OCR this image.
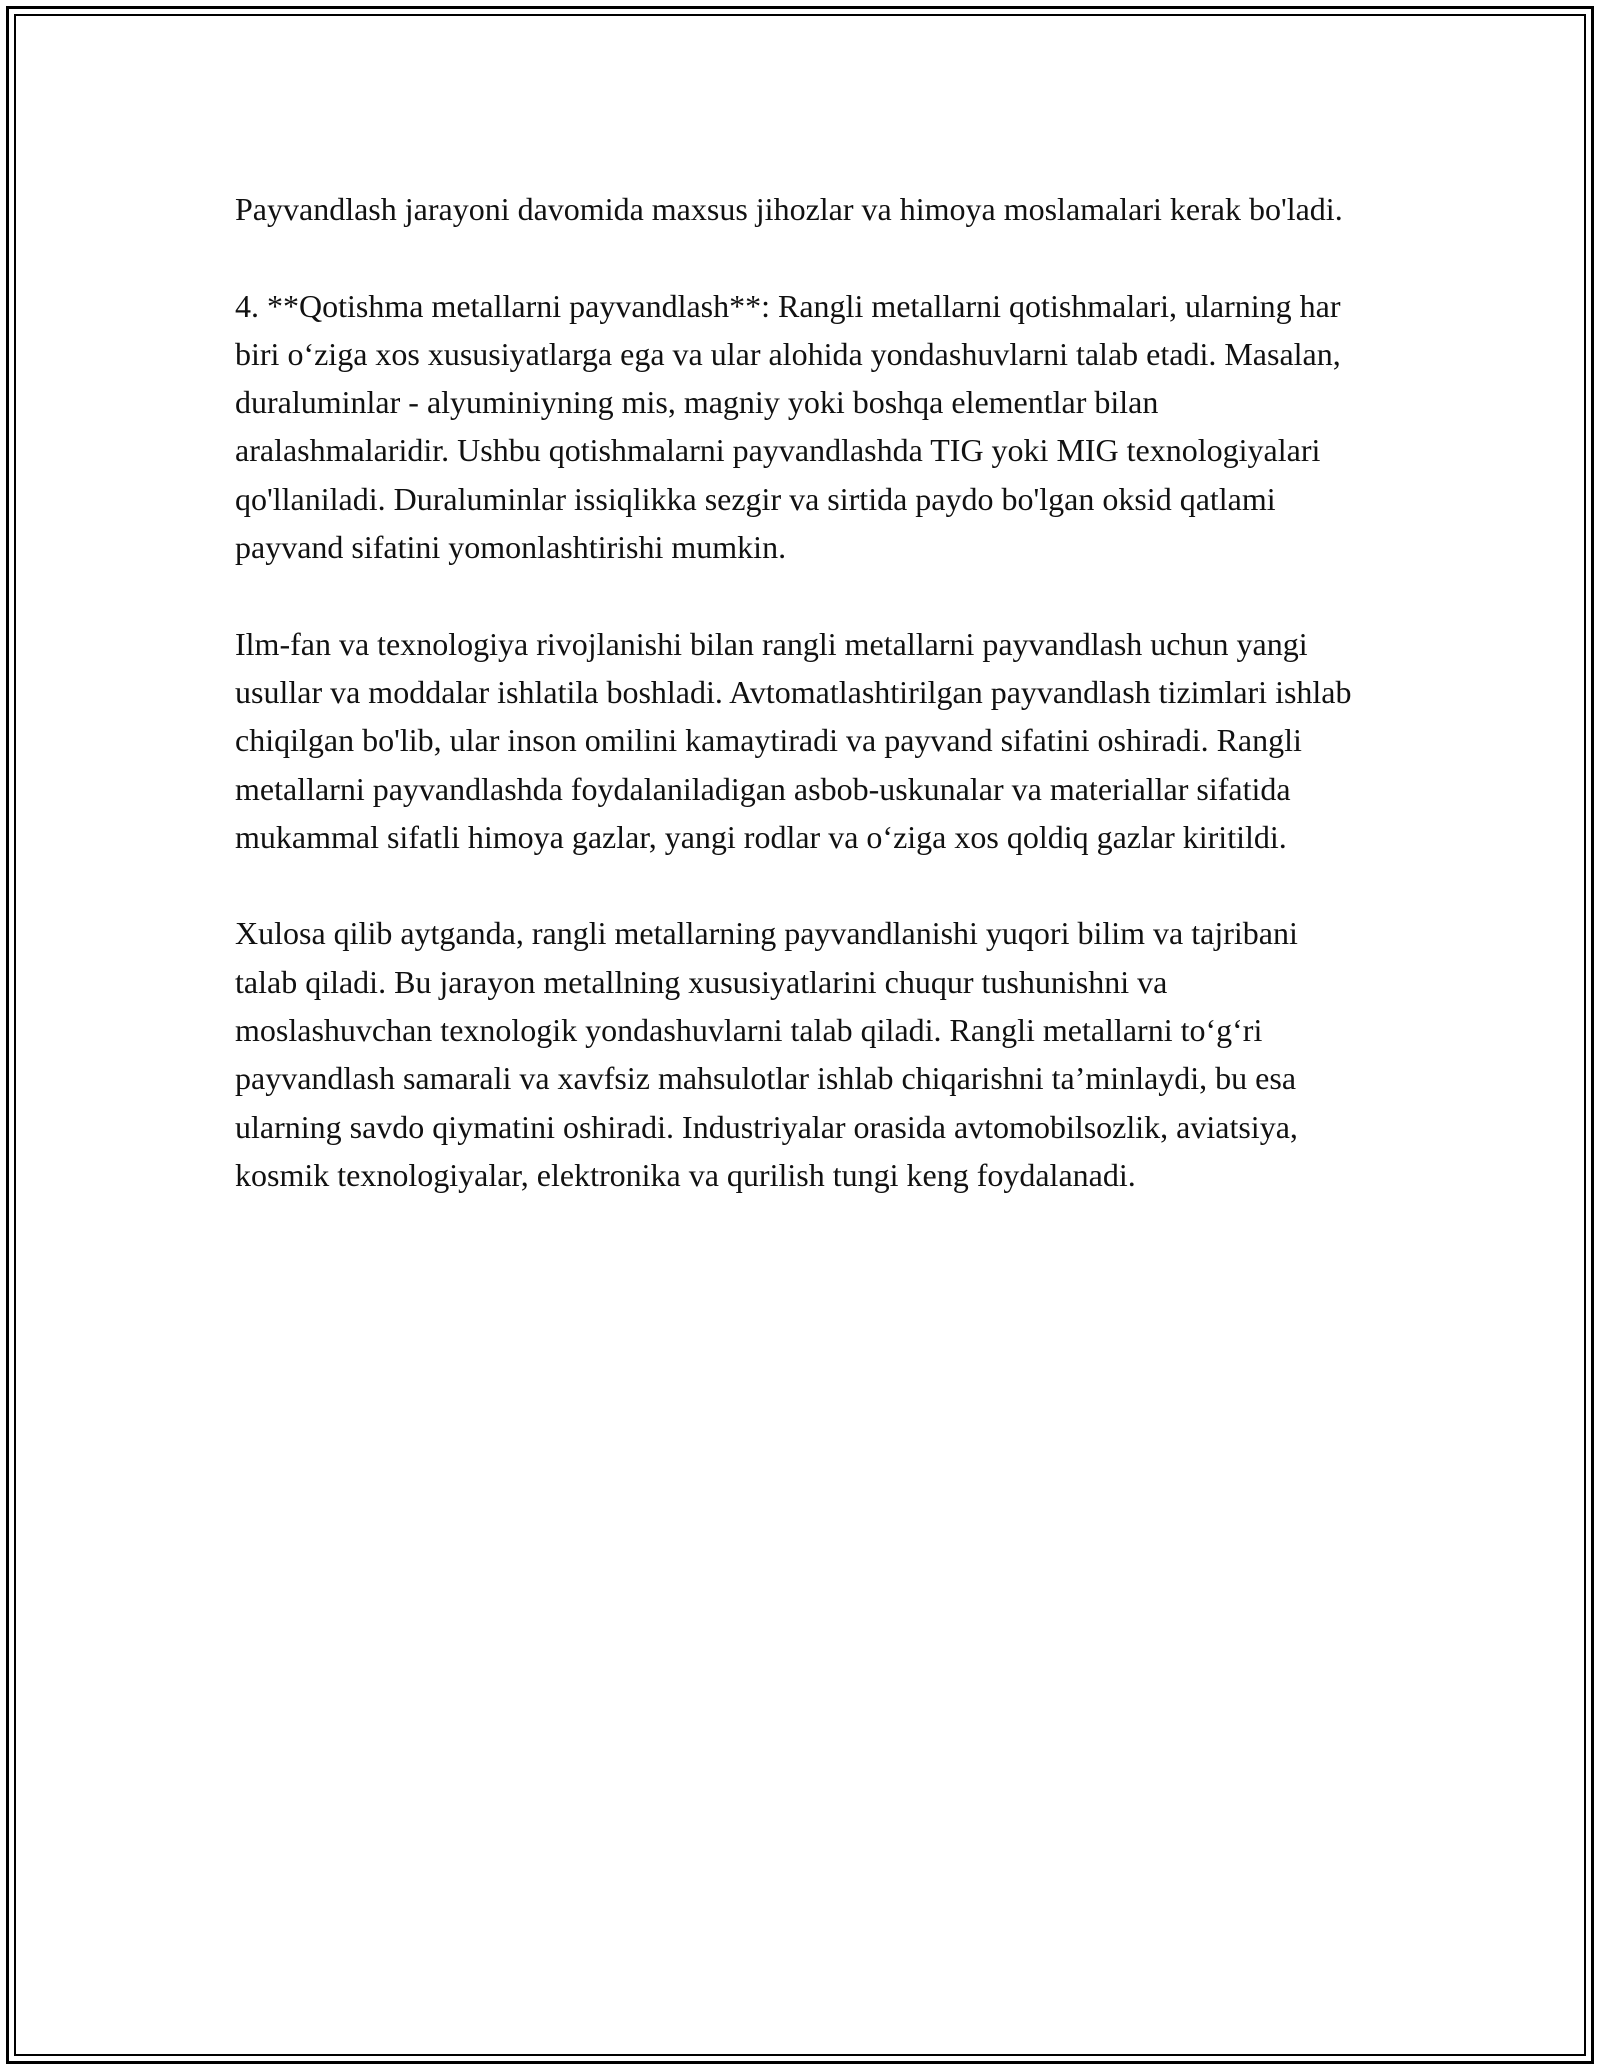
Payvandlash jarayoni davomida maxsus jihozlar va himoya moslamalari kerak bo'ladi.

4. **Qotishma metallarni payvandlash**: Rangli metallarni qotishmalari, ularning har biri o‘ziga xos xususiyatlarga ega va ular alohida yondashuvlarni talab etadi. Masalan, duraluminlar - alyuminiyning mis, magniy yoki boshqa elementlar bilan aralashmalaridir. Ushbu qotishmalarni payvandlashda TIG yoki MIG texnologiyalari qo'llaniladi. Duraluminlar issiqlikka sezgir va sirtida paydo bo'lgan oksid qatlami payvand sifatini yomonlashtirishi mumkin.

Ilm-fan va texnologiya rivojlanishi bilan rangli metallarni payvandlash uchun yangi usullar va moddalar ishlatila boshladi. Avtomatlashtirilgan payvandlash tizimlari ishlab chiqilgan bo'lib, ular inson omilini kamaytiradi va payvand sifatini oshiradi. Rangli metallarni payvandlashda foydalaniladigan asbob-uskunalar va materiallar sifatida mukammal sifatli himoya gazlar, yangi rodlar va o‘ziga xos qoldiq gazlar kiritildi.

Xulosa qilib aytganda, rangli metallarning payvandlanishi yuqori bilim va tajribani talab qiladi. Bu jarayon metallning xususiyatlarini chuqur tushunishni va moslashuvchan texnologik yondashuvlarni talab qiladi. Rangli metallarni to‘g‘ri payvandlash samarali va xavfsiz mahsulotlar ishlab chiqarishni ta’minlaydi, bu esa ularning savdo qiymatini oshiradi. Industriyalar orasida avtomobilsozlik, aviatsiya, kosmik texnologiyalar, elektronika va qurilish tungi keng foydalanadi.
